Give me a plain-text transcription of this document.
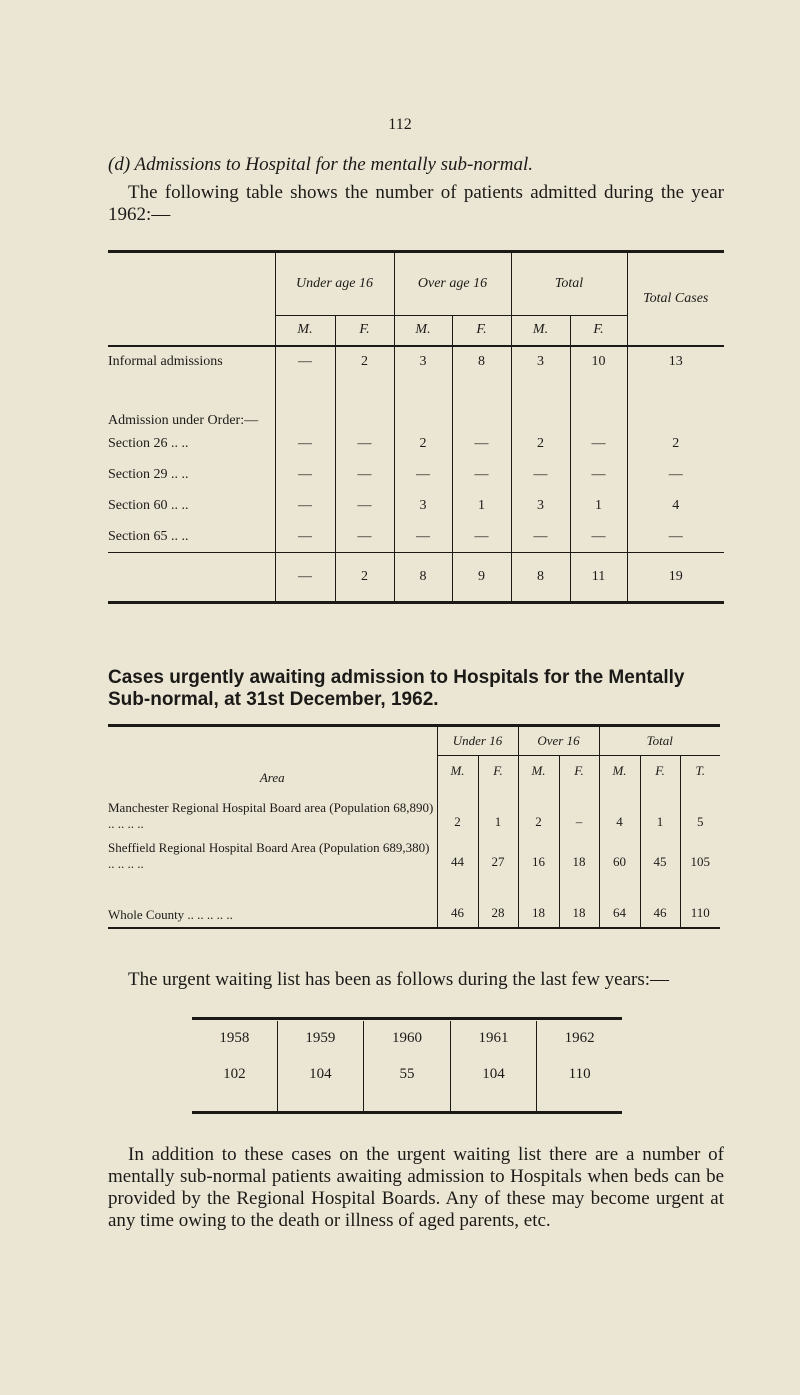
112
(d) Admissions to Hospital for the mentally sub-normal.
The following table shows the number of patients admitted during the year 1962:—
	Under age 16		Over age 16		Total		Total Cases
	M.	F.	M.	F.	M.	F.	
Informal admissions	—	2	3	8	3	10	13
Admission under Order:—							
Section 26 .. ..	—	—	2	—	2	—	2
Section 29 .. ..	—	—	—	—	—	—	—
Section 60 .. ..	—	—	3	1	3	1	4
Section 65 .. ..	—	—	—	—	—	—	—
	—	2	8	9	8	11	19
Cases urgently awaiting admission to Hospitals for the Mentally Sub-normal, at 31st December, 1962.
Area	Under 16		Over 16		Total		
	M.	F.	M.	F.	M.	F.	T.
Manchester Regional Hospital Board area (Population 68,890) .. .. .. ..	2	1	2	–	4	1	5
Sheffield Regional Hospital Board Area (Population 689,380) .. .. .. ..	44	27	16	18	60	45	105
Whole County .. .. .. .. ..	46	28	18	18	64	46	110
The urgent waiting list has been as follows during the last few years:—

1958	1959	1960	1961	1962
102	104	55	104	110

In addition to these cases on the urgent waiting list there are a number of mentally sub-normal patients awaiting admission to Hospitals when beds can be provided by the Regional Hospital Boards. Any of these may become urgent at any time owing to the death or illness of aged parents, etc.
